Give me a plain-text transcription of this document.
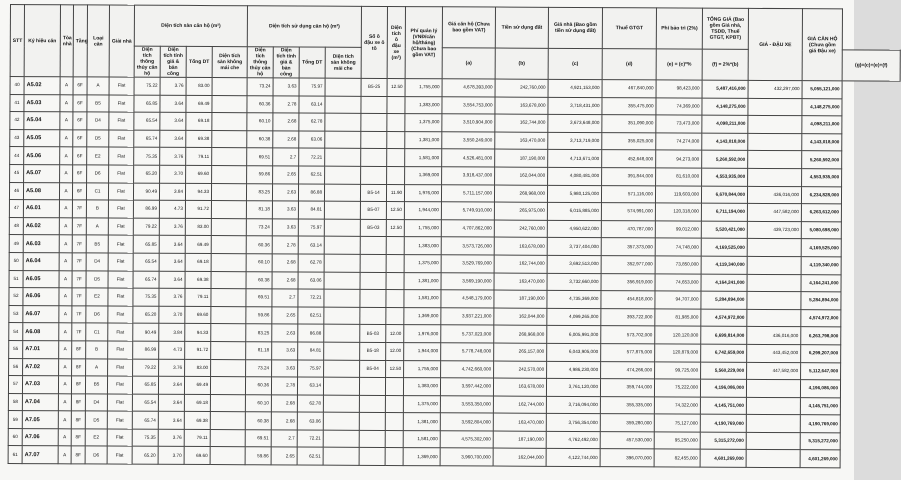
STT	Ký hiệu căn	Tòa nhà	Tầng	Loại căn	Giải nhà	Diện tích sàn căn hộ (m²)				Diện tích sử dụng căn hộ (m²)				Số ô đậu xe ô tô	Diện tích ô đậu xe (m²)	Phí quản lý (VNĐ/căn hộ/tháng) (Chưa bao gồm VAT)	Giá căn hộ (Chưa bao gồm VAT)	Tiền sử dụng đất	Giá nhà (Bao gồm tiền sử dụng đất)	Thuế GTGT	Phí bảo trì (2%)	TỔNG GIÁ (Bao gồm Giá nhà, TSDĐ, Thuế GTGT, KPBT)	GIÁ - ĐẬU XE	GIÁ CĂN HỘ (Chưa gồm giá Đậu xe)	
						Diện tích thông thủy căn hộ	Diện tích tính giá & bàn công	Tổng DT	Diện tích sàn không mái che	Diện tích thông thủy căn hộ	Diện tích tính giá & bàn công	Tổng DT	Diện tích sàn không mái che				(a)	(b)	(c)	(d)	(e) = (c)*%	(f) = 2%*(b)			(g)=(c)+(e)+(f)
40	A5.02	A	6F	A	Flat	75.22	3.76	83.00		73.24	3.63	75.97		B5-25	12.50	1,755,000	4,678,393,000	242,760,000	4,921,153,000	467,840,000	98,423,000	5,487,416,000	432,297,000	5,055,121,000	
41	A5.03	A	6F	B5	Flat	65.85	3.64	69.49		60.36	2.78	63.14				1,383,000	3,554,753,000	163,678,000	3,718,431,000	355,475,000	74,369,000	4,148,275,000		4,148,275,000	
42	A5.04	A	6F	D4	Flat	65.54	3.64	69.18		60.10	2.68	62.78				1,375,000	3,510,904,000	162,744,000	3,673,648,000	351,090,000	73,473,000	4,098,211,000		4,098,211,000	
43	A5.05	A	6F	D5	Flat	65.74	3.64	69.38		60.38	2.68	63.06				1,381,000	3,550,249,000	163,470,000	3,713,719,000	355,025,000	74,274,000	4,143,018,000		4,143,018,000	
44	A5.06	A	6F	E2	Flat	75.35	3.76	79.11		69.51	2.7	72.21				1,581,000	4,526,481,000	187,190,000	4,713,671,000	452,648,000	94,273,000	5,260,592,000		5,260,592,000	
45	A5.07	A	6F	D6	Flat	65.20	3.70	69.60		59.86	2.65	62.51				1,369,000	3,918,437,000	162,044,000	4,080,481,000	391,844,000	81,610,000	4,553,935,000		4,553,935,000	
46	A5.08	A	6F	C1	Flat	90.49	3.84	94.33		83.25	2.63	86.88		B5-14	11.90	1,976,000	5,711,157,000	268,968,000	5,980,125,000	571,116,000	119,603,000	6,670,844,000	436,016,000	6,234,828,000	
47	A6.01	A	7F	B	Flat	86.99	4.73	91.72		81.18	3.63	84.81		B5-07	12.50	1,944,000	5,749,910,000	265,975,000	6,015,885,000	574,991,000	120,318,000	6,711,194,000	447,582,000	6,263,612,000	
48	A6.02	A	7F	A	Flat	79.22	3.76	83.00		73.24	3.63	75.97		B5-03	12.50	1,755,000	4,707,862,000	242,760,000	4,950,622,000	470,787,000	99,012,000	5,520,421,000	439,723,000	5,080,698,000	
49	A6.03	A	7F	B5	Flat	65.85	3.64	69.49		60.36	2.78	63.14				1,383,000	3,573,726,000	163,678,000	3,737,404,000	357,373,000	74,748,000	4,169,525,000		4,169,525,000	
50	A6.04	A	7F	D4	Flat	65.54	3.64	69.18		60.10	2.68	62.78				1,375,000	3,529,769,000	162,744,000	3,692,513,000	352,977,000	73,850,000	4,119,340,000		4,119,340,000	
51	A6.05	A	7F	D5	Flat	65.74	3.64	69.38		60.38	2.68	63.06				1,381,000	3,569,190,000	163,470,000	3,732,660,000	356,919,000	74,653,000	4,164,241,000		4,164,241,000	
52	A6.06	A	7F	E2	Flat	75.35	3.76	79.11		69.51	2.7	72.21				1,581,000	4,548,179,000	187,190,000	4,735,369,000	454,818,000	94,707,000	5,284,894,000		5,284,894,000	
53	A6.07	A	7F	D6	Flat	65.20	3.70	69.60		59.86	2.65	62.51				1,369,000	3,937,221,000	162,044,000	4,099,265,000	393,722,000	81,985,000	4,574,972,000		4,574,972,000	
54	A6.08	A	7F	C1	Flat	90.49	3.84	94.33		83.25	2.63	86.88		B5-03	12.00	1,976,000	5,737,023,000	268,968,000	6,005,991,000	573,702,000	120,120,000	6,699,814,000	436,016,000	6,263,798,000	
55	A7.01	A	8F	B	Flat	86.99	4.73	91.72		81.18	3.63	84.81		B5-18	12.00	1,944,000	5,778,748,000	265,157,000	6,043,905,000	577,875,000	120,879,000	6,742,659,000	443,452,000	6,299,207,000	
56	A7.02	A	8F	A	Flat	79.22	3.76	83.00		73.24	3.63	75.97		B5-04	12.50	1,755,000	4,742,660,000	242,570,000	4,986,230,000	474,266,000	99,725,000	5,560,229,000	447,582,000	5,112,647,000	
57	A7.03	A	8F	B5	Flat	65.85	3.64	69.49		60.36	2.78	63.14				1,383,000	3,597,442,000	163,678,000	3,761,120,000	359,744,000	75,222,000	4,196,086,000		4,196,086,000	
58	A7.04	A	8F	D4	Flat	65.54	3.64	69.18		60.10	2.68	62.78				1,375,000	3,553,350,000	162,744,000	3,716,094,000	355,335,000	74,322,000	4,145,751,000		4,145,751,000	
59	A7.05	A	8F	D5	Flat	65.74	3.64	69.38		60.38	2.68	63.06				1,381,000	3,592,804,000	163,470,000	3,756,354,000	359,280,000	75,127,000	4,190,769,000		4,190,769,000	
60	A7.06	A	8F	E2	Flat	75.35	3.76	79.11		69.51	2.7	72.21				1,581,000	4,575,302,000	187,190,000	4,762,492,000	457,530,000	95,250,000	5,315,272,000		5,315,272,000	
61	A7.07	A	8F	D6	Flat	65.20	3.70	69.60		59.86	2.65	62.51				1,369,000	3,960,700,000	162,044,000	4,122,744,000	396,070,000	82,455,000	4,601,269,000		4,601,269,000	
